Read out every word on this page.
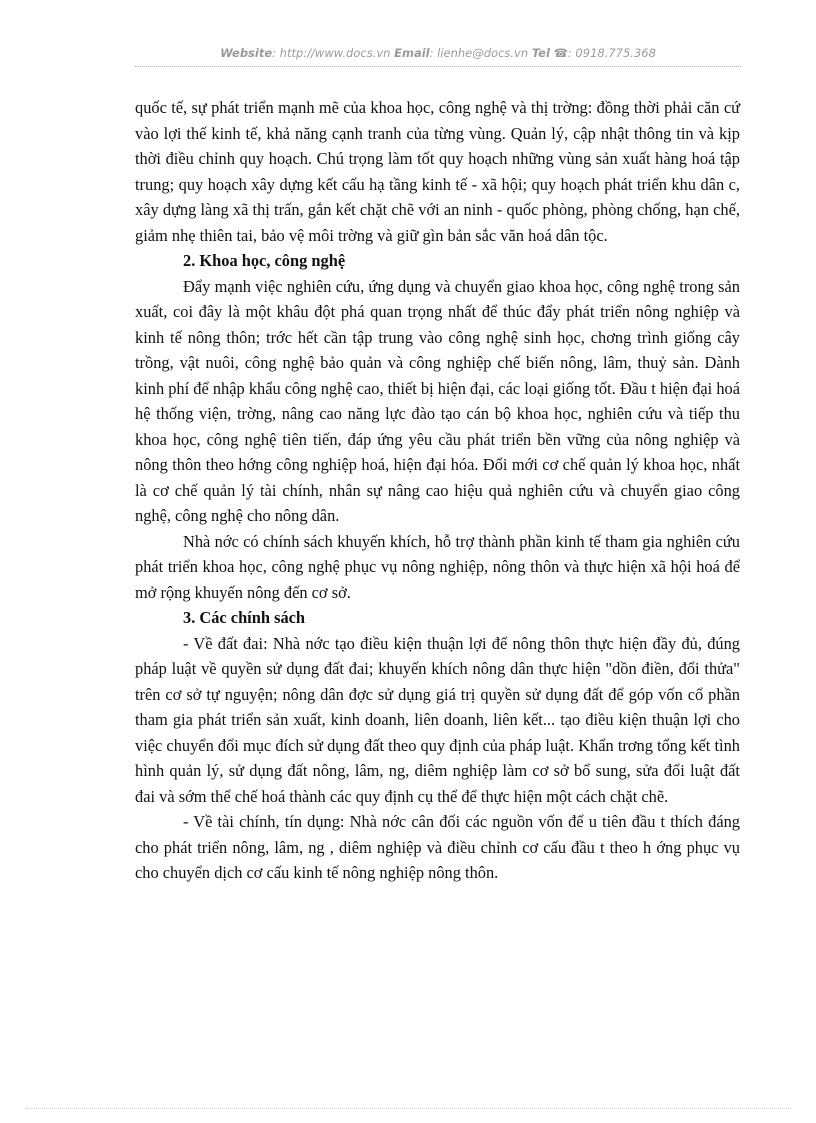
Website: http://www.docs.vn Email: lienhe@docs.vn Tel ☎: 0918.775.368

quốc tế, sự phát triển mạnh mẽ của khoa học, công nghệ và thị trờng: đồng thời phải căn cứ vào lợi thế kinh tế, khả năng cạnh tranh của từng vùng. Quản lý, cập nhật thông tin và kịp thời điều chỉnh quy hoạch. Chú trọng làm tốt quy hoạch những vùng sản xuất hàng hoá tập trung; quy hoạch xây dựng kết cấu hạ tầng kinh tế - xã hội; quy hoạch phát triển khu dân c, xây dựng làng xã thị trấn, gắn kết chặt chẽ với an ninh - quốc phòng, phòng chống, hạn chế, giảm nhẹ thiên tai, bảo vệ môi trờng và giữ gìn bản sắc văn hoá dân tộc.

2. Khoa học, công nghệ

Đẩy mạnh việc nghiên cứu, ứng dụng và chuyển giao khoa học, công nghệ trong sản xuất, coi đây là một khâu đột phá quan trọng nhất để thúc đẩy phát triển nông nghiệp và kinh tế nông thôn; trớc hết cần tập trung vào công nghệ sinh học, chơng trình giống cây trồng, vật nuôi, công nghệ bảo quản và công nghiệp chế biến nông, lâm, thuỷ sản. Dành kinh phí để nhập khẩu công nghệ cao, thiết bị hiện đại, các loại giống tốt. Đầu t hiện đại hoá hệ thống viện, trờng, nâng cao năng lực đào tạo cán bộ khoa học, nghiên cứu và tiếp thu khoa học, công nghệ tiên tiến, đáp ứng yêu cầu phát triển bền vững của nông nghiệp và nông thôn theo hớng công nghiệp hoá, hiện đại hóa. Đổi mới cơ chế quản lý khoa học, nhất là cơ chế quản lý tài chính, nhân sự nâng cao hiệu quả nghiên cứu và chuyển giao công nghệ, công nghệ cho nông dân.

Nhà nớc có chính sách khuyến khích, hỗ trợ thành phần kinh tế tham gia nghiên cứu phát triển khoa học, công nghệ phục vụ nông nghiệp, nông thôn và thực hiện xã hội hoá để mở rộng khuyến nông đến cơ sở.

3. Các chính sách

- Về đất đai: Nhà nớc tạo điều kiện thuận lợi để nông thôn thực hiện đầy đủ, đúng pháp luật về quyền sử dụng đất đai; khuyến khích nông dân thực hiện "dồn điền, đổi thửa" trên cơ sở tự nguyện; nông dân đợc sử dụng giá trị quyền sử dụng đất để góp vốn cổ phần tham gia phát triển sản xuất, kinh doanh, liên doanh, liên kết... tạo điều kiện thuận lợi cho việc chuyển đổi mục đích sử dụng đất theo quy định của pháp luật. Khẩn trơng tổng kết tình hình quản lý, sử dụng đất nông, lâm, ng, diêm nghiệp làm cơ sở bổ sung, sửa đổi luật đất đai và sớm thể chế hoá thành các quy định cụ thể để thực hiện một cách chặt chẽ.

- Về tài chính, tín dụng: Nhà nớc cân đối các nguồn vốn để u tiên đầu t thích đáng cho phát triển nông, lâm, ng , diêm nghiệp và điều chỉnh cơ cấu đầu t theo h ớng phục vụ cho chuyển dịch cơ cấu kinh tế nông nghiệp nông thôn.
